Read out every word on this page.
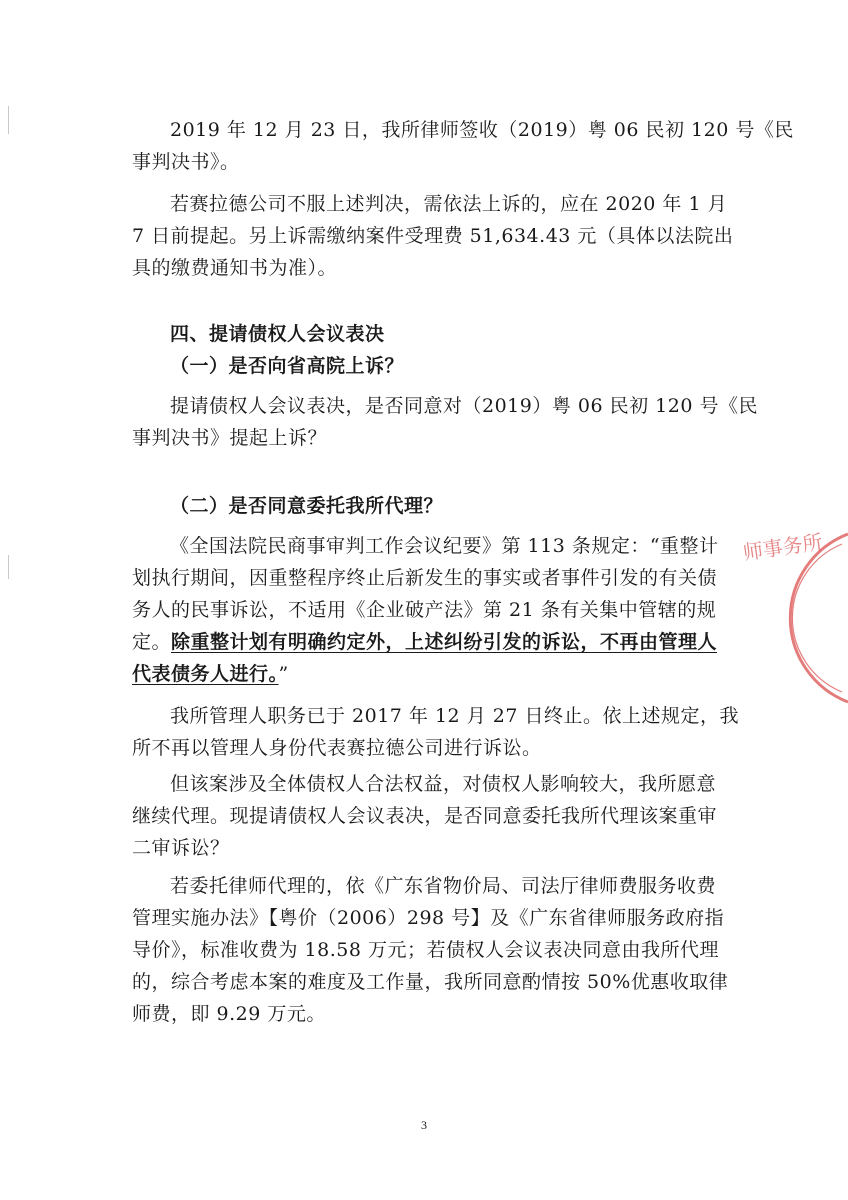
2019 年 12 月 23 日，我所律师签收（2019）粤 06 民初 120 号《民
事判决书》。

若赛拉德公司不服上述判决，需依法上诉的，应在 2020 年 1 月
7 日前提起。另上诉需缴纳案件受理费 51,634.43 元（具体以法院出
具的缴费通知书为准）。

四、提请债权人会议表决

（一）是否向省高院上诉？

提请债权人会议表决，是否同意对（2019）粤 06 民初 120 号《民
事判决书》提起上诉？

（二）是否同意委托我所代理？

《全国法院民商事审判工作会议纪要》第 113 条规定：“重整计
划执行期间，因重整程序终止后新发生的事实或者事件引发的有关债
务人的民事诉讼，不适用《企业破产法》第 21 条有关集中管辖的规
定。除重整计划有明确约定外，上述纠纷引发的诉讼，不再由管理人
代表债务人进行。”

我所管理人职务已于 2017 年 12 月 27 日终止。依上述规定，我
所不再以管理人身份代表赛拉德公司进行诉讼。

但该案涉及全体债权人合法权益，对债权人影响较大，我所愿意
继续代理。现提请债权人会议表决，是否同意委托我所代理该案重审
二审诉讼？

若委托律师代理的，依《广东省物价局、司法厅律师费服务收费
管理实施办法》【粤价（2006）298 号】及《广东省律师服务政府指
导价》，标准收费为 18.58 万元；若债权人会议表决同意由我所代理
的，综合考虑本案的难度及工作量，我所同意酌情按 50%优惠收取律
师费，即 9.29 万元。

3
师事务所
